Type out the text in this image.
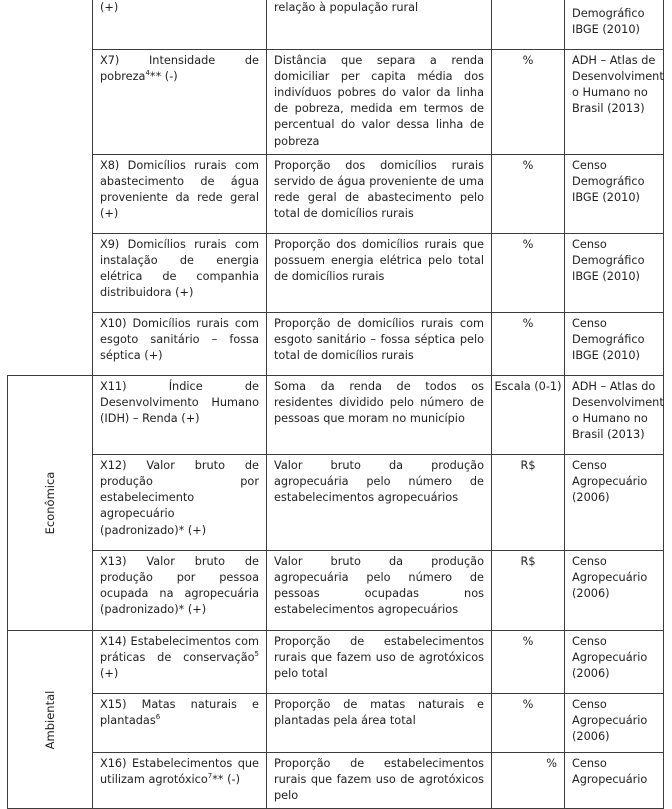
	(+)	relação à população rural		Demográfico IBGE (2010)
	X7) Intensidade de pobreza$^4$** (-)	Distância que separa a renda domiciliar per capita média dos indivíduos pobres do valor da linha de pobreza, medida em termos de percentual do valor dessa linha de pobreza	%	ADH – Atlas de Desenvolviment o Humano no Brasil (2013)
	X8) Domicílios rurais com abastecimento de água proveniente da rede geral (+)	Proporção dos domicílios rurais servido de água proveniente de uma rede geral de abastecimento pelo total de domicílios rurais	%	Censo Demográfico IBGE (2010)
	X9) Domicílios rurais com instalação de energia elétrica de companhia distribuidora (+)	Proporção dos domicílios rurais que possuem energia elétrica pelo total de domicílios rurais	%	Censo Demográfico IBGE (2010)
	X10) Domicílios rurais com esgoto sanitário – fossa séptica (+)	Proporção de domicílios rurais com esgoto sanitário – fossa séptica pelo total de domicílios rurais	%	Censo Demográfico IBGE (2010)

Econômica	X11) Índice de Desenvolvimento Humano (IDH) – Renda (+)	Soma da renda de todos os residentes dividido pelo número de pessoas que moram no município	Escala (0-1)	ADH – Atlas do Desenvolviment o Humano no Brasil (2013)
	X12) Valor bruto de produção por estabelecimento agropecuário (padronizado)* (+)	Valor bruto da produção agropecuária pelo número de estabelecimentos agropecuários	R$	Censo Agropecuário (2006)
	X13) Valor bruto de produção por pessoa ocupada na agropecuária (padronizado)* (+)	Valor bruto da produção agropecuária pelo número de pessoas ocupadas nos estabelecimentos agropecuários	R$	Censo Agropecuário (2006)

Ambiental	X14) Estabelecimentos com práticas de conservação$^5$ (+)	Proporção de estabelecimentos rurais que fazem uso de agrotóxicos pelo total	%	Censo Agropecuário (2006)
	X15) Matas naturais e plantadas$^6$	Proporção de matas naturais e plantadas pela área total	%	Censo Agropecuário (2006)
	X16) Estabelecimentos que utilizam agrotóxico$^7$** (-)	Proporção de estabelecimentos rurais que fazem uso de agrotóxicos pelo	%	Censo Agropecuário
